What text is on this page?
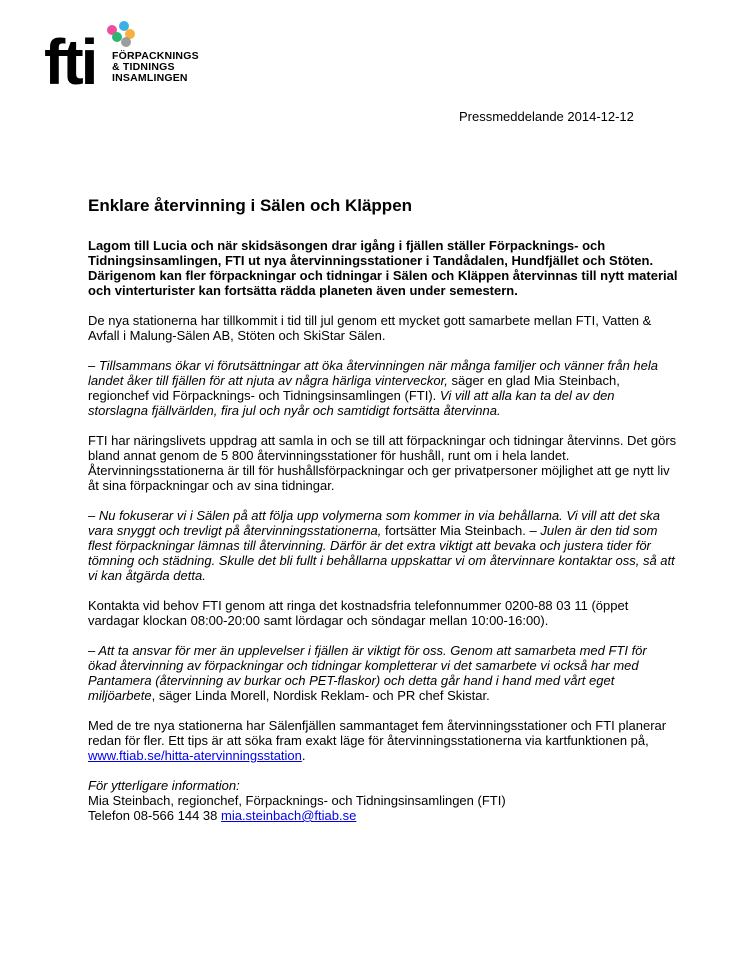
fti FÖRPACKNINGS
& TIDNINGS
INSAMLINGEN
Pressmeddelande 2014-12-12
Enklare återvinning i Sälen och Kläppen

Lagom till Lucia och när skidsäsongen drar igång i fjällen ställer Förpacknings- och Tidningsinsamlingen, FTI ut nya återvinningsstationer i Tandådalen, Hundfjället och Stöten. Därigenom kan fler förpackningar och tidningar i Sälen och Kläppen återvinnas till nytt material och vinterturister kan fortsätta rädda planeten även under semestern.

De nya stationerna har tillkommit i tid till jul genom ett mycket gott samarbete mellan FTI, Vatten & Avfall i Malung-Sälen AB, Stöten och SkiStar Sälen.

– Tillsammans ökar vi förutsättningar att öka återvinningen när många familjer och vänner från hela landet åker till fjällen för att njuta av några härliga vinterveckor, säger en glad Mia Steinbach, regionchef vid Förpacknings- och Tidningsinsamlingen (FTI). Vi vill att alla kan ta del av den storslagna fjällvärlden, fira jul och nyår och samtidigt fortsätta återvinna.

FTI har näringslivets uppdrag att samla in och se till att förpackningar och tidningar återvinns. Det görs bland annat genom de 5 800 återvinningsstationer för hushåll, runt om i hela landet. Återvinningsstationerna är till för hushållsförpackningar och ger privatpersoner möjlighet att ge nytt liv åt sina förpackningar och av sina tidningar.

– Nu fokuserar vi i Sälen på att följa upp volymerna som kommer in via behållarna. Vi vill att det ska vara snyggt och trevligt på återvinningsstationerna, fortsätter Mia Steinbach. – Julen är den tid som flest förpackningar lämnas till återvinning. Därför är det extra viktigt att bevaka och justera tider för tömning och städning. Skulle det bli fullt i behållarna uppskattar vi om återvinnare kontaktar oss, så att vi kan åtgärda detta.

Kontakta vid behov FTI genom att ringa det kostnadsfria telefonnummer 0200-88 03 11 (öppet vardagar klockan 08:00-20:00 samt lördagar och söndagar mellan 10:00-16:00).

– Att ta ansvar för mer än upplevelser i fjällen är viktigt för oss. Genom att samarbeta med FTI för ökad återvinning av förpackningar och tidningar kompletterar vi det samarbete vi också har med Pantamera (återvinning av burkar och PET-flaskor) och detta går hand i hand med vårt eget miljöarbete, säger Linda Morell, Nordisk Reklam- och PR chef Skistar.

Med de tre nya stationerna har Sälenfjällen sammantaget fem återvinningsstationer och FTI planerar redan för fler. Ett tips är att söka fram exakt läge för återvinningsstationerna via kartfunktionen på, www.ftiab.se/hitta-atervinningsstation.

För ytterligare information:
Mia Steinbach, regionchef, Förpacknings- och Tidningsinsamlingen (FTI)
Telefon 08-566 144 38 mia.steinbach@ftiab.se
